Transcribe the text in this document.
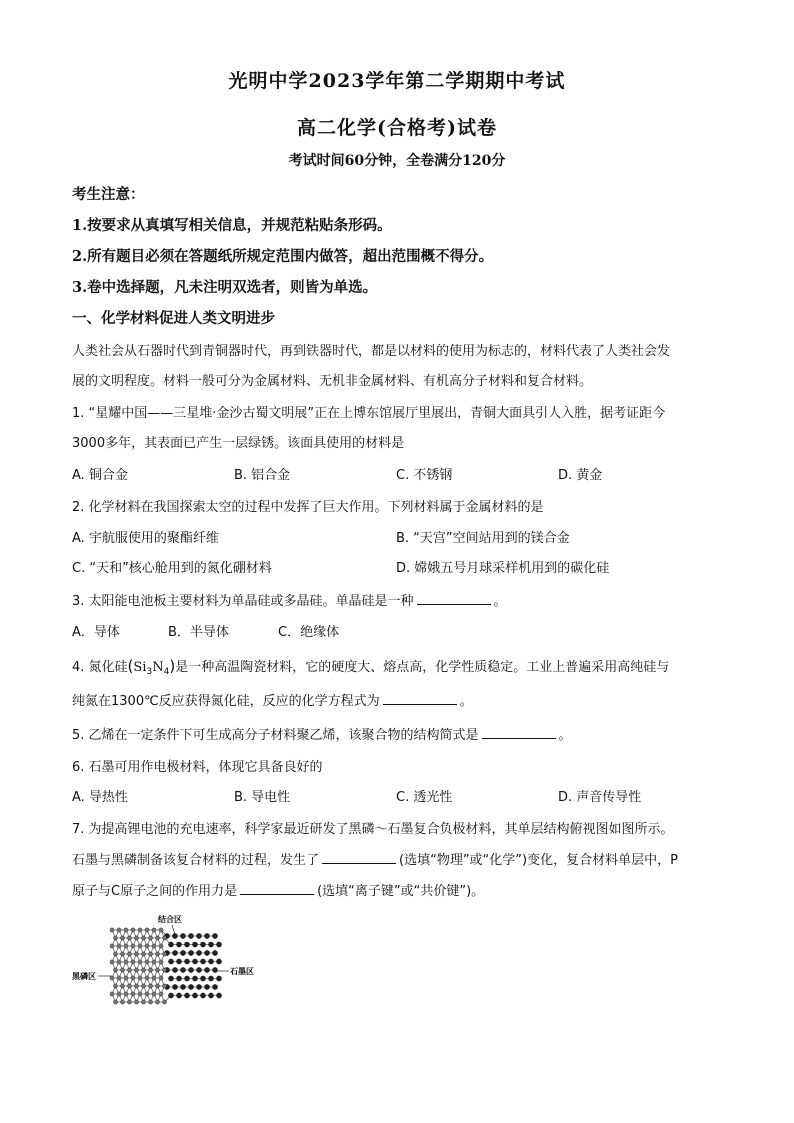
光明中学2023学年第二学期期中考试
高二化学(合格考)试卷
考试时间60分钟，全卷满分120分
考生注意：
1.按要求从真填写相关信息，并规范粘贴条形码。
2.所有题目必须在答题纸所规定范围内做答，超出范围概不得分。
3.卷中选择题，凡未注明双选者，则皆为单选。
一、化学材料促进人类文明进步
人类社会从石器时代到青铜器时代，再到铁器时代，都是以材料的使用为标志的，材料代表了人类社会发
展的文明程度。材料一般可分为金属材料、无机非金属材料、有机高分子材料和复合材料。
1. “星耀中国——三星堆·金沙古蜀文明展”正在上博东馆展厅里展出，青铜大面具引人入胜，据考证距今
3000多年，其表面已产生一层绿锈。该面具使用的材料是
A. 铜合金	B. 铝合金	C. 不锈钢	D. 黄金
2. 化学材料在我国探索太空的过程中发挥了巨大作用。下列材料属于金属材料的是
A. 宇航服使用的聚酯纤维	B. “天宫”空间站用到的镁合金
C. “天和”核心舱用到的氮化硼材料	D. 嫦娥五号月球采样机用到的碳化硅
3. 太阳能电池板主要材料为单晶硅或多晶硅。单晶硅是一种	。
A．导体	B．半导体	C．绝缘体
4. 氮化硅$(Si_3N_4)$是一种高温陶瓷材料，它的硬度大、熔点高，化学性质稳定。工业上普遍采用高纯硅与
纯氮在1300℃反应获得氮化硅，反应的化学方程式为	。
5. 乙烯在一定条件下可生成高分子材料聚乙烯，该聚合物的结构简式是	。
6. 石墨可用作电极材料，体现它具备良好的
A. 导热性	B. 导电性	C. 透光性	D. 声音传导性
7. 为提高锂电池的充电速率，科学家最近研发了黑磷～石墨复合负极材料，其单层结构俯视图如图所示。
石墨与黑磷制备该复合材料的过程，发生了	(选填“物理”或“化学”)变化，复合材料单层中，P
原子与C原子之间的作用力是	(选填“离子键”或“共价键”)。
结合区
黑磷区
石墨区
